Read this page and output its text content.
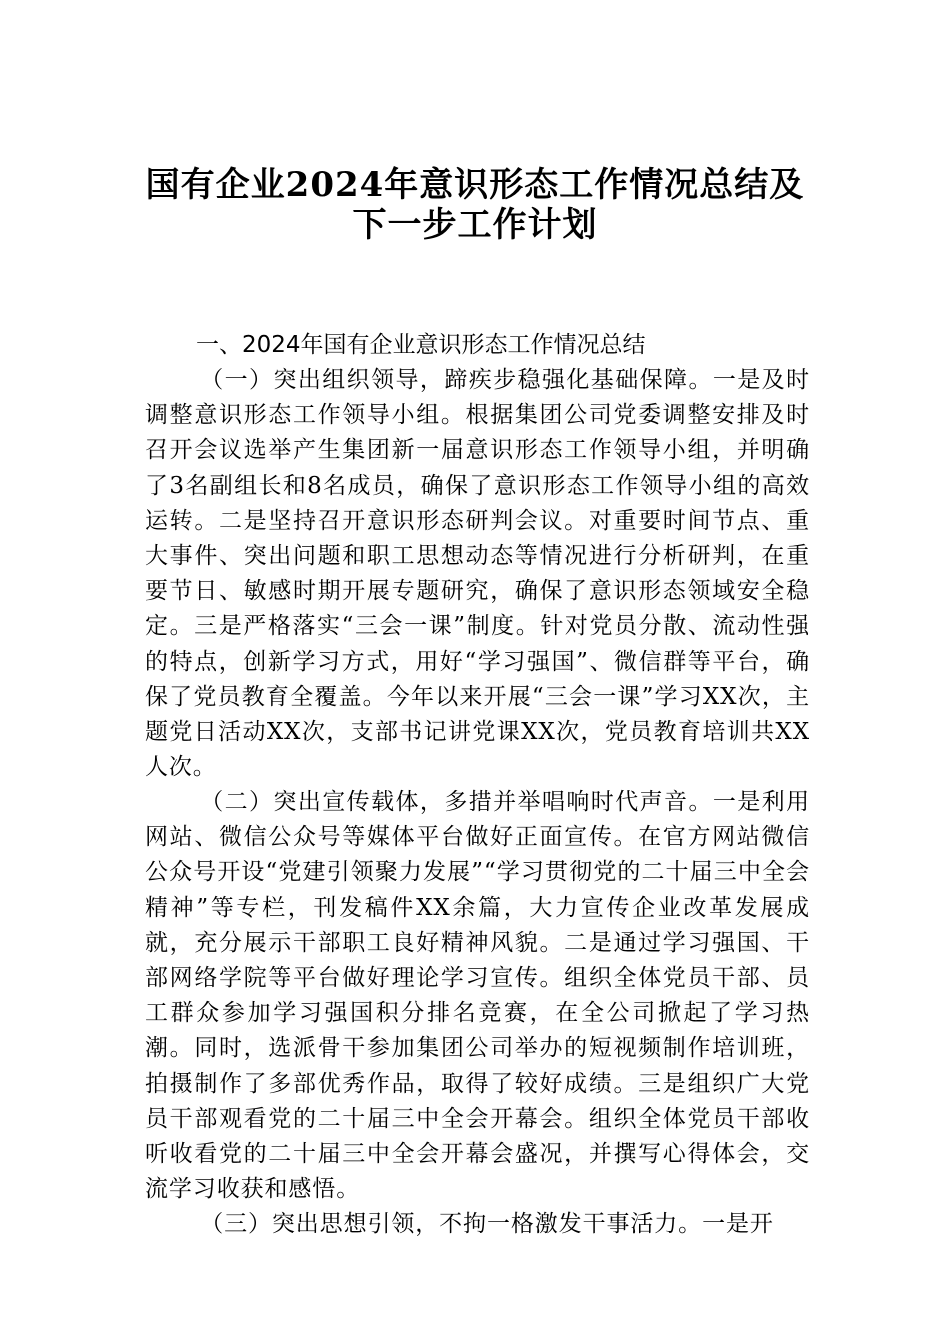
国有企业2024年意识形态工作情况总结及
下一步工作计划
一、2024年国有企业意识形态工作情况总结

（一）突出组织领导，蹄疾步稳强化基础保障。一是及时调整意识形态工作领导小组。根据集团公司党委调整安排及时召开会议选举产生集团新一届意识形态工作领导小组，并明确了3名副组长和8名成员，确保了意识形态工作领导小组的高效运转。二是坚持召开意识形态研判会议。对重要时间节点、重大事件、突出问题和职工思想动态等情况进行分析研判，在重要节日、敏感时期开展专题研究，确保了意识形态领域安全稳定。三是严格落实“三会一课”制度。针对党员分散、流动性强的特点，创新学习方式，用好“学习强国”、微信群等平台，确保了党员教育全覆盖。今年以来开展“三会一课”学习XX次，主题党日活动XX次，支部书记讲党课XX次，党员教育培训共XX人次。

（二）突出宣传载体，多措并举唱响时代声音。一是利用网站、微信公众号等媒体平台做好正面宣传。在官方网站微信公众号开设“党建引领聚力发展”“学习贯彻党的二十届三中全会精神”等专栏，刊发稿件XX余篇，大力宣传企业改革发展成就，充分展示干部职工良好精神风貌。二是通过学习强国、干部网络学院等平台做好理论学习宣传。组织全体党员干部、员工群众参加学习强国积分排名竞赛，在全公司掀起了学习热潮。同时，选派骨干参加集团公司举办的短视频制作培训班，拍摄制作了多部优秀作品，取得了较好成绩。三是组织广大党员干部观看党的二十届三中全会开幕会。组织全体党员干部收听收看党的二十届三中全会开幕会盛况，并撰写心得体会，交流学习收获和感悟。

（三）突出思想引领，不拘一格激发干事活力。一是开
